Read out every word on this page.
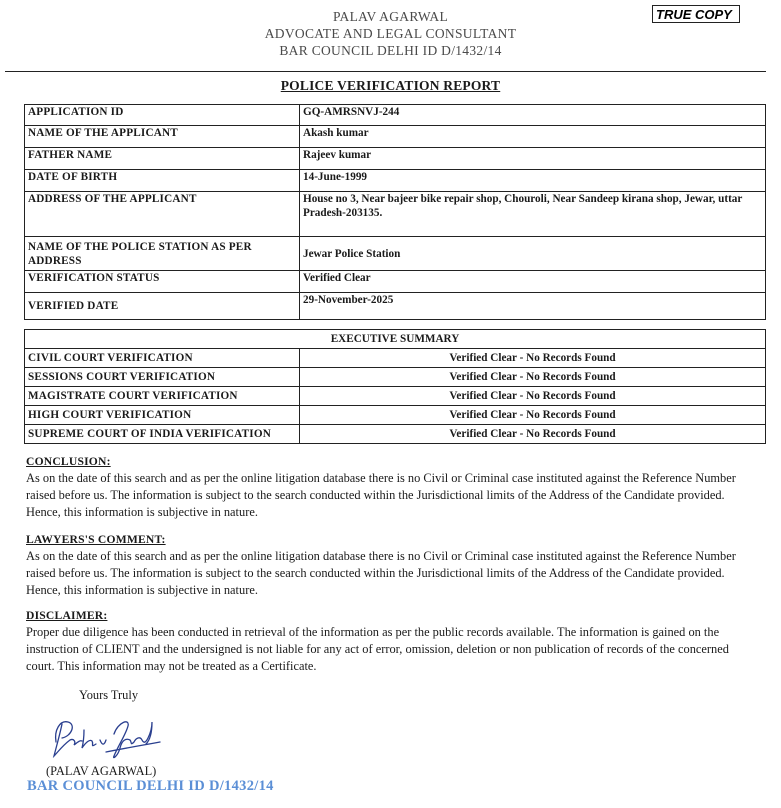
PALAV AGARWAL
ADVOCATE AND LEGAL CONSULTANT
BAR COUNCIL DELHI ID D/1432/14
TRUE COPY
POLICE VERIFICATION REPORT
APPLICATION ID	GQ-AMRSNVJ-244
NAME OF THE APPLICANT	Akash kumar
FATHER NAME	Rajeev kumar
DATE OF BIRTH	14-June-1999
ADDRESS OF THE APPLICANT	House no 3, Near bajeer bike repair shop, Chouroli, Near Sandeep kirana shop, Jewar, uttar Pradesh-203135.
NAME OF THE POLICE STATION AS PER ADDRESS	Jewar Police Station
VERIFICATION STATUS	Verified Clear
VERIFIED DATE	29-November-2025
EXECUTIVE SUMMARY	
CIVIL COURT VERIFICATION	Verified Clear - No Records Found
SESSIONS COURT VERIFICATION	Verified Clear - No Records Found
MAGISTRATE COURT VERIFICATION	Verified Clear - No Records Found
HIGH COURT VERIFICATION	Verified Clear - No Records Found
SUPREME COURT OF INDIA VERIFICATION	Verified Clear - No Records Found
CONCLUSION:
As on the date of this search and as per the online litigation database there is no Civil or Criminal case instituted against the Reference Number raised before us. The information is subject to the search conducted within the Jurisdictional limits of the Address of the Candidate provided. Hence, this information is subjective in nature.
LAWYERS'S COMMENT:
As on the date of this search and as per the online litigation database there is no Civil or Criminal case instituted against the Reference Number raised before us. The information is subject to the search conducted within the Jurisdictional limits of the Address of the Candidate provided. Hence, this information is subjective in nature.
DISCLAIMER:
Proper due diligence has been conducted in retrieval of the information as per the public records available. The information is gained on the instruction of CLIENT and the undersigned is not liable for any act of error, omission, deletion or non publication of records of the concerned court. This information may not be treated as a Certificate.
Yours Truly
(PALAV AGARWAL)
BAR COUNCIL DELHI ID D/1432/14
